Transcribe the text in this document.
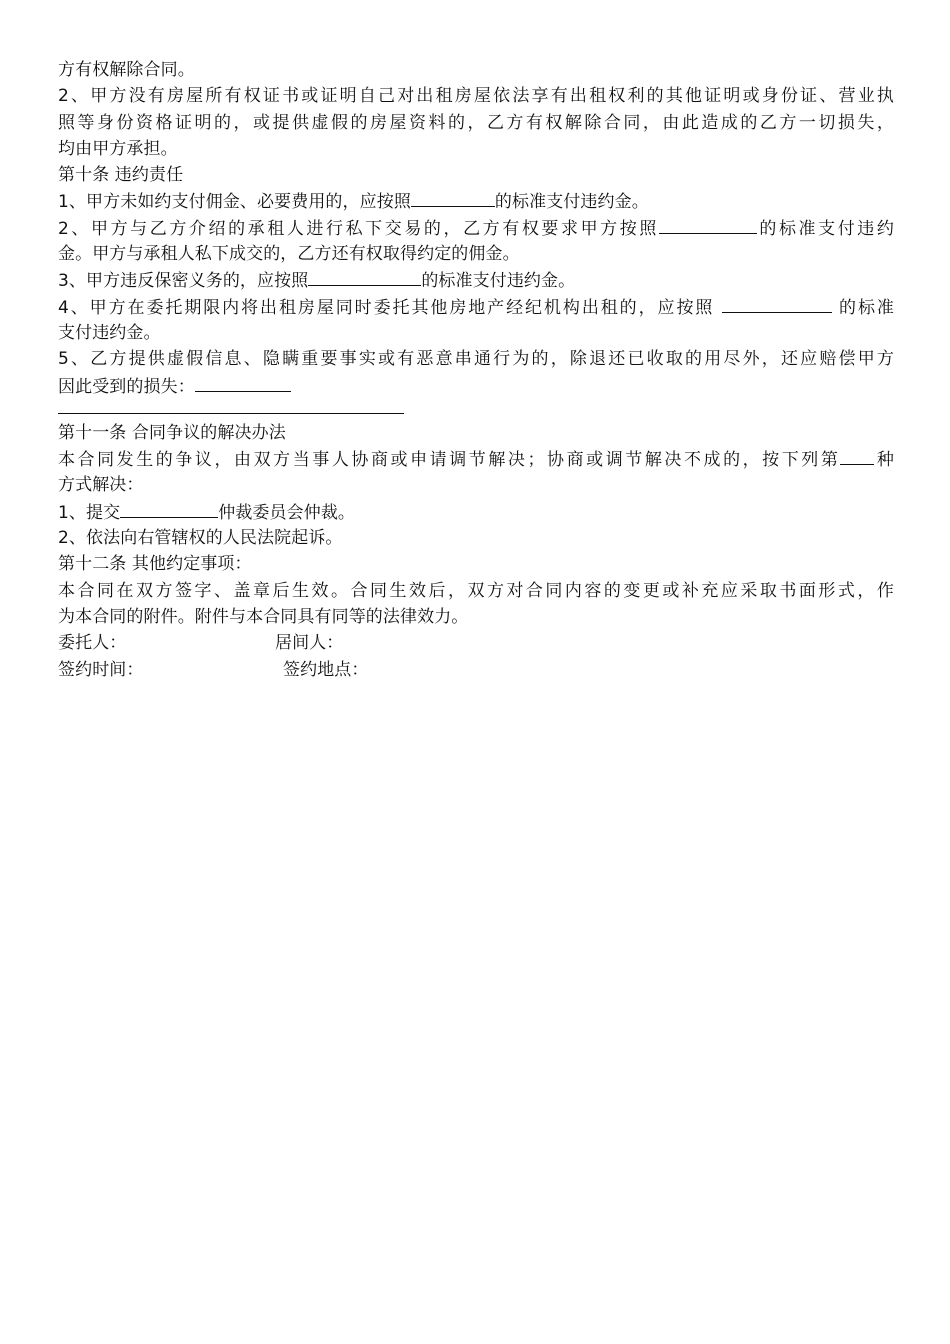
方有权解除合同。
2、甲方没有房屋所有权证书或证明自己对出租房屋依法享有出租权利的其他证明或身份证、营业执
照等身份资格证明的，或提供虚假的房屋资料的，乙方有权解除合同，由此造成的乙方一切损失，
均由甲方承担。
第十条 违约责任
1、甲方未如约支付佣金、必要费用的，应按照	的标准支付违约金。
2、甲方与乙方介绍的承租人进行私下交易的，乙方有权要求甲方按照	的标准支付违约
金。甲方与承租人私下成交的，乙方还有权取得约定的佣金。
3、甲方违反保密义务的，应按照	的标准支付违约金。
4、甲方在委托期限内将出租房屋同时委托其他房地产经纪机构出租的，应按照	的标准
支付违约金。
5、乙方提供虚假信息、隐瞒重要事实或有恶意串通行为的，除退还已收取的用尽外，还应赔偿甲方
因此受到的损失：
第十一条 合同争议的解决办法
本合同发生的争议，由双方当事人协商或申请调节解决；协商或调节解决不成的，按下列第 种
方式解决：
1、提交	仲裁委员会仲裁。
2、依法向右管辖权的人民法院起诉。
第十二条 其他约定事项：
本合同在双方签字、盖章后生效。合同生效后，双方对合同内容的变更或补充应采取书面形式，作
为本合同的附件。附件与本合同具有同等的法律效力。
委托人：	居间人：
签约时间：	签约地点：
